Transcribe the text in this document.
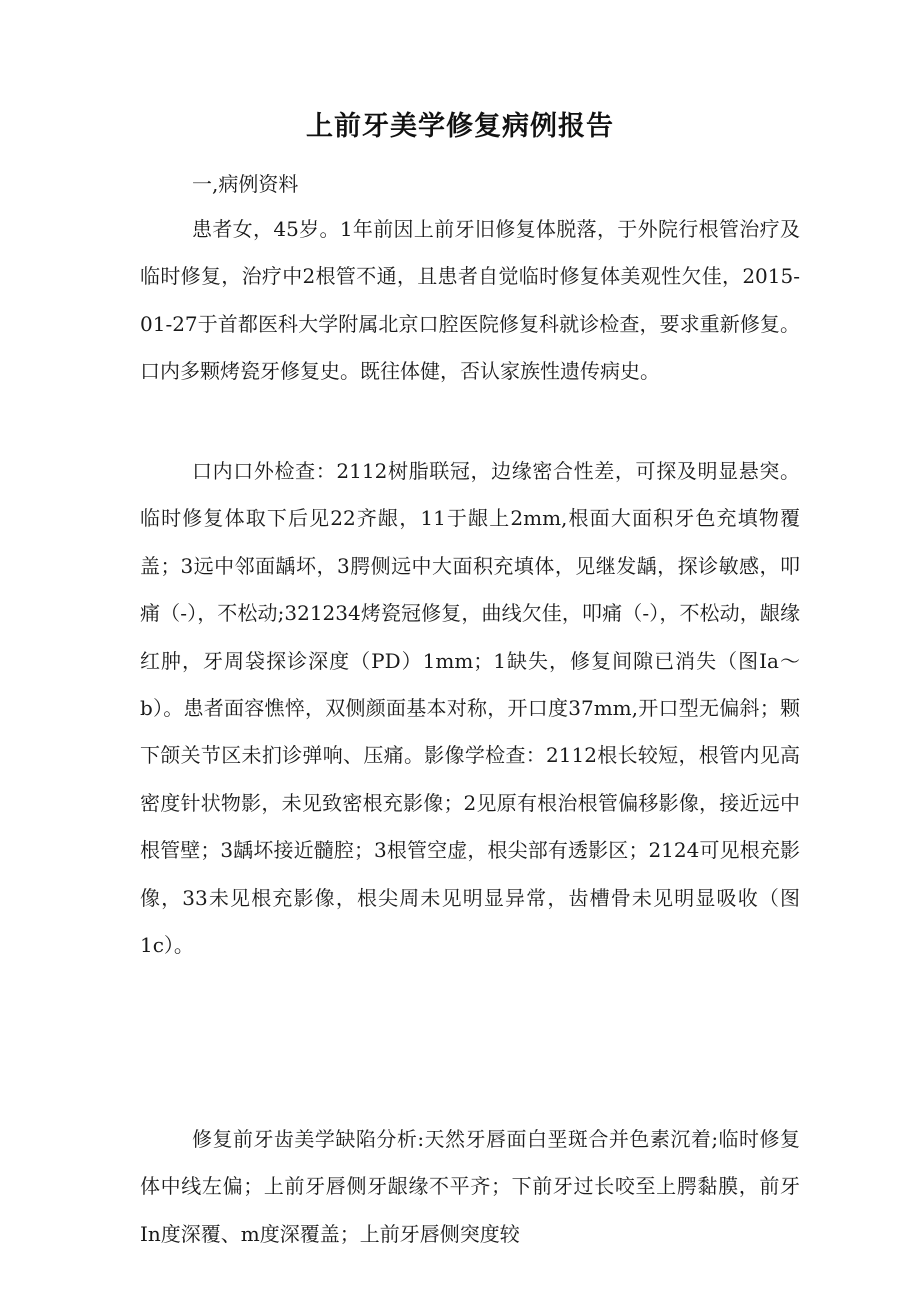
上前牙美学修复病例报告
一,病例资料

患者女，45岁。1年前因上前牙旧修复体脱落，于外院行根管治疗及临时修复，治疗中2根管不通，且患者自觉临时修复体美观性欠佳，2015-01-27于首都医科大学附属北京口腔医院修复科就诊检查，要求重新修复。口内多颗烤瓷牙修复史。既往体健，否认家族性遗传病史。

口内口外检查：2112树脂联冠，边缘密合性差，可探及明显悬突。临时修复体取下后见22齐龈，11于龈上2mm,根面大面积牙色充填物覆盖；3远中邻面龋坏，3腭侧远中大面积充填体，见继发龋，探诊敏感，叩痛（-），不松动;321234烤瓷冠修复，曲线欠佳，叩痛（-），不松动，龈缘红肿，牙周袋探诊深度（PD）1mm；1缺失，修复间隙已消失（图Ia～b）。患者面容憔悴，双侧颜面基本对称，开口度37mm,开口型无偏斜；颗下颌关节区未扪诊弹响、压痛。影像学检查：2112根长较短，根管内见高密度针状物影，未见致密根充影像；2见原有根治根管偏移影像，接近远中根管壁；3龋坏接近髓腔；3根管空虚，根尖部有透影区；2124可见根充影像，33未见根充影像，根尖周未见明显异常，齿槽骨未见明显吸收（图1c）。

修复前牙齿美学缺陷分析:天然牙唇面白垩斑合并色素沉着;临时修复体中线左偏；上前牙唇侧牙龈缘不平齐；下前牙过长咬至上腭黏膜，前牙In度深覆、m度深覆盖；上前牙唇侧突度较
